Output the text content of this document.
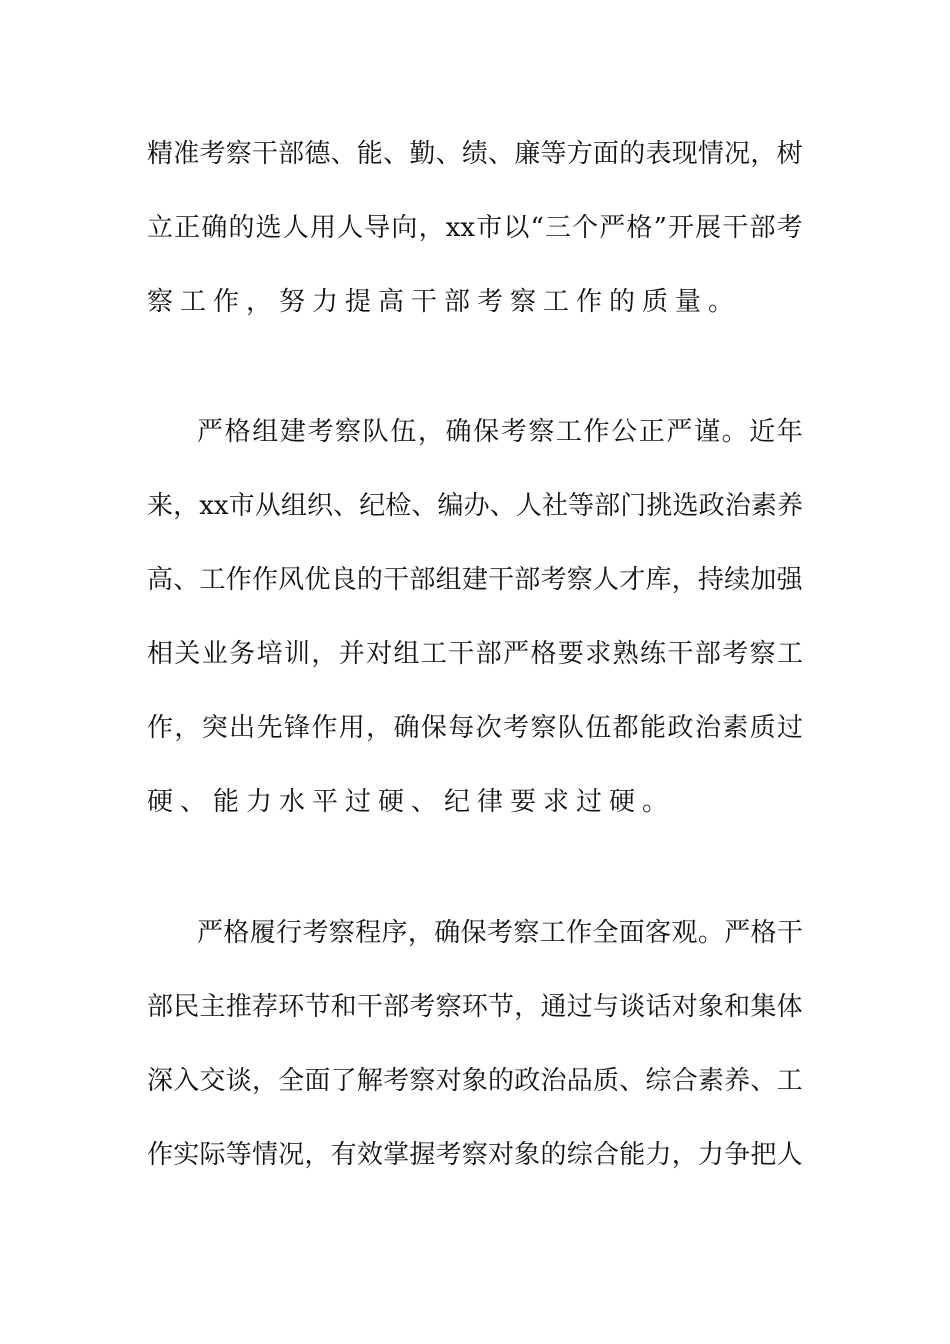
精 准 考 察 干 部 德 、 能 、 勤 、 绩 、 廉 等 方 面 的 表 现 情 况 ， 树
立 正 确 的 选 人 用 人 导 向 ， xx 市 以 “ 三 个 严 格 ” 开 展 干 部 考
察工作，努力提高干部考察工作的质量。
严 格 组 建 考 察 队 伍 ， 确 保 考 察 工 作 公 正 严 谨 。 近 年
来 ， xx 市 从 组 织 、 纪 检 、 编 办 、 人 社 等 部 门 挑 选 政 治 素 养
高 、 工 作 作 风 优 良 的 干 部 组 建 干 部 考 察 人 才 库 ， 持 续 加 强
相 关 业 务 培 训 ， 并 对 组 工 干 部 严 格 要 求 熟 练 干 部 考 察 工
作 ， 突 出 先 锋 作 用 ， 确 保 每 次 考 察 队 伍 都 能 政 治 素 质 过
硬、能力水平过硬、纪律要求过硬。
严 格 履 行 考 察 程 序 ， 确 保 考 察 工 作 全 面 客 观 。 严 格 干
部 民 主 推 荐 环 节 和 干 部 考 察 环 节 ， 通 过 与 谈 话 对 象 和 集 体
深 入 交 谈 ， 全 面 了 解 考 察 对 象 的 政 治 品 质 、 综 合 素 养 、 工
作 实 际 等 情 况 ， 有 效 掌 握 考 察 对 象 的 综 合 能 力 ， 力 争 把 人
